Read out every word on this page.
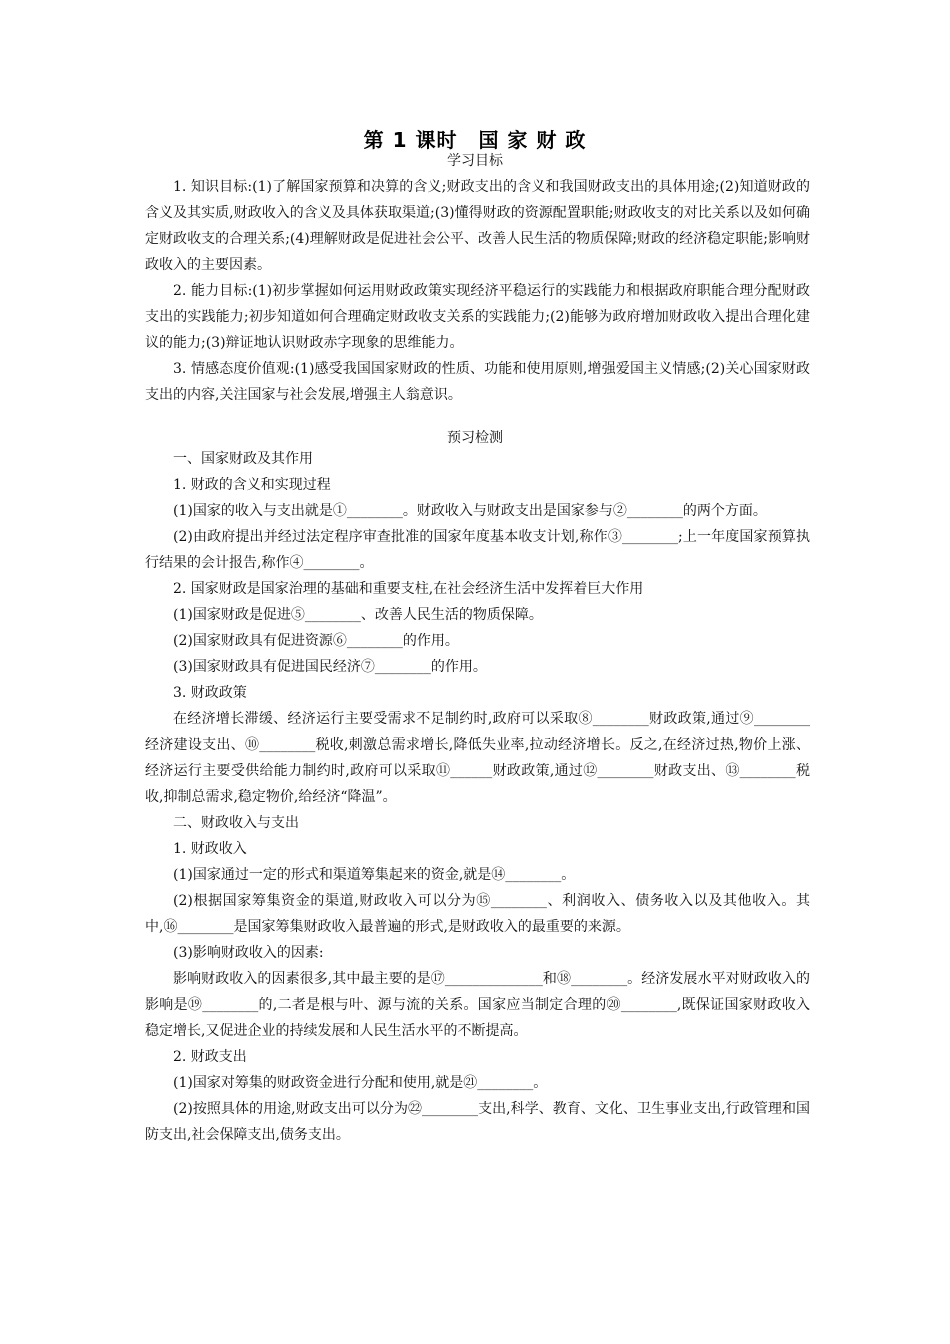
第 1 课时　国 家 财 政
学习目标

1. 知识目标:(1)了解国家预算和决算的含义;财政支出的含义和我国财政支出的具体用途;(2)知道财政的含义及其实质,财政收入的含义及具体获取渠道;(3)懂得财政的资源配置职能;财政收支的对比关系以及如何确定财政收支的合理关系;(4)理解财政是促进社会公平、改善人民生活的物质保障;财政的经济稳定职能;影响财政收入的主要因素。

2. 能力目标:(1)初步掌握如何运用财政政策实现经济平稳运行的实践能力和根据政府职能合理分配财政支出的实践能力;初步知道如何合理确定财政收支关系的实践能力;(2)能够为政府增加财政收入提出合理化建议的能力;(3)辩证地认识财政赤字现象的思维能力。

3. 情感态度价值观:(1)感受我国国家财政的性质、功能和使用原则,增强爱国主义情感;(2)关心国家财政支出的内容,关注国家与社会发展,增强主人翁意识。

预习检测

一、国家财政及其作用

1. 财政的含义和实现过程

(1)国家的收入与支出就是①________。财政收入与财政支出是国家参与②________的两个方面。

(2)由政府提出并经过法定程序审查批准的国家年度基本收支计划,称作③________;上一年度国家预算执行结果的会计报告,称作④________。

2. 国家财政是国家治理的基础和重要支柱,在社会经济生活中发挥着巨大作用

(1)国家财政是促进⑤________、改善人民生活的物质保障。

(2)国家财政具有促进资源⑥________的作用。

(3)国家财政具有促进国民经济⑦________的作用。

3. 财政政策

在经济增长滞缓、经济运行主要受需求不足制约时,政府可以采取⑧________财政政策,通过⑨________经济建设支出、⑩________税收,刺激总需求增长,降低失业率,拉动经济增长。反之,在经济过热,物价上涨、经济运行主要受供给能力制约时,政府可以采取⑪______财政政策,通过⑫________财政支出、⑬________税收,抑制总需求,稳定物价,给经济“降温”。

二、财政收入与支出

1. 财政收入

(1)国家通过一定的形式和渠道筹集起来的资金,就是⑭________。

(2)根据国家筹集资金的渠道,财政收入可以分为⑮________、利润收入、债务收入以及其他收入。其中,⑯________是国家筹集财政收入最普遍的形式,是财政收入的最重要的来源。

(3)影响财政收入的因素:

影响财政收入的因素很多,其中最主要的是⑰______________和⑱________。经济发展水平对财政收入的影响是⑲________的,二者是根与叶、源与流的关系。国家应当制定合理的⑳________,既保证国家财政收入稳定增长,又促进企业的持续发展和人民生活水平的不断提高。

2. 财政支出

(1)国家对筹集的财政资金进行分配和使用,就是㉑________。

(2)按照具体的用途,财政支出可以分为㉒________支出,科学、教育、文化、卫生事业支出,行政管理和国防支出,社会保障支出,债务支出。
